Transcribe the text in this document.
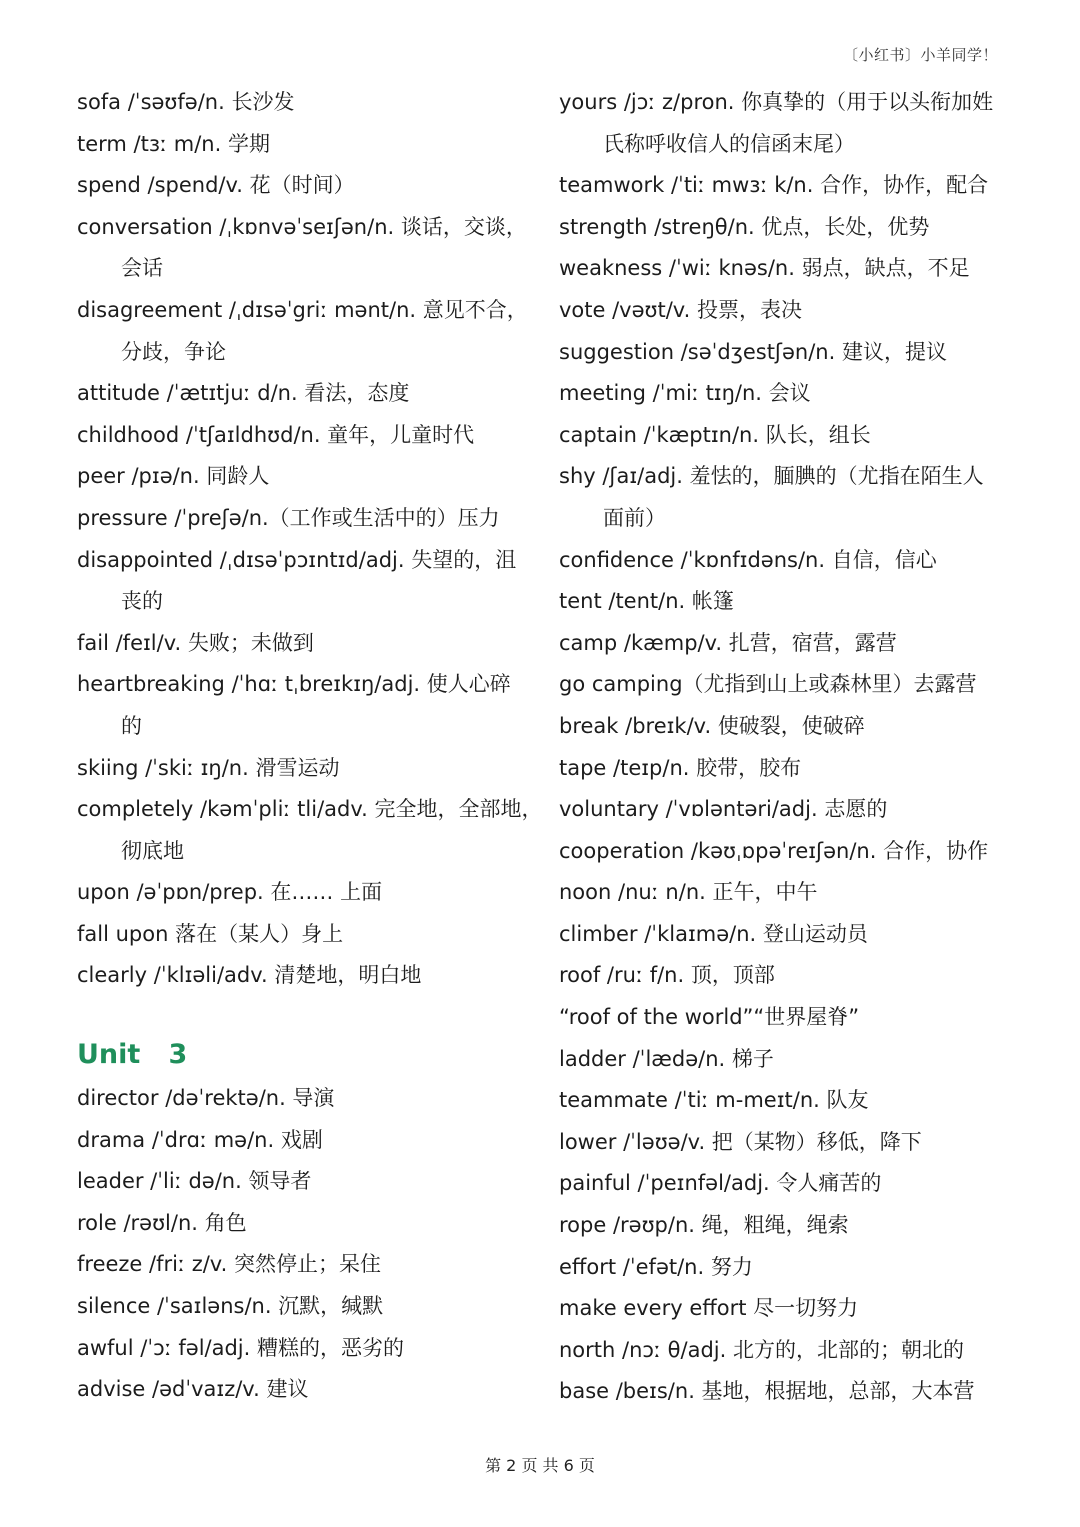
〔小红书〕小羊同学！
sofa /ˈsəʊfə/n. 长沙发
term /tɜː m/n. 学期
spend /spend/v. 花（时间）
conversation /ˌkɒnvəˈseɪʃən/n. 谈话，交谈，
会话
disagreement /ˌdɪsəˈgriː mənt/n. 意见不合，
分歧，争论
attitude /ˈætɪtjuː d/n. 看法，态度
childhood /ˈtʃaɪldhʊd/n. 童年，儿童时代
peer /pɪə/n. 同龄人
pressure /ˈpreʃə/n.（工作或生活中的）压力
disappointed /ˌdɪsəˈpɔɪntɪd/adj. 失望的，沮
丧的
fail /feɪl/v. 失败；未做到
heartbreaking /ˈhɑː tˌbreɪkɪŋ/adj. 使人心碎
的
skiing /ˈskiː ɪŋ/n. 滑雪运动
completely /kəmˈpliː tli/adv. 完全地，全部地，
彻底地
upon /əˈpɒn/prep. 在…… 上面
fall upon 落在（某人）身上
clearly /ˈklɪəli/adv. 清楚地，明白地
Unit   3
director /dəˈrektə/n. 导演
drama /ˈdrɑː mə/n. 戏剧
leader /ˈliː də/n. 领导者
role /rəʊl/n. 角色
freeze /friː z/v. 突然停止；呆住
silence /ˈsaɪləns/n. 沉默，缄默
awful /ˈɔː fəl/adj. 糟糕的，恶劣的
advise /ədˈvaɪz/v. 建议
yours /jɔː z/pron. 你真挚的（用于以头衔加姓
氏称呼收信人的信函末尾）
teamwork /ˈtiː mwɜː k/n. 合作，协作，配合
strength /streŋθ/n. 优点，长处，优势
weakness /ˈwiː knəs/n. 弱点，缺点，不足
vote /vəʊt/v. 投票，表决
suggestion /səˈdʒestʃən/n. 建议，提议
meeting /ˈmiː tɪŋ/n. 会议
captain /ˈkæptɪn/n. 队长，组长
shy /ʃaɪ/adj. 羞怯的，腼腆的（尤指在陌生人
面前）
confidence /ˈkɒnfɪdəns/n. 自信，信心
tent /tent/n. 帐篷
camp /kæmp/v. 扎营，宿营，露营
go camping（尤指到山上或森林里）去露营
break /breɪk/v. 使破裂，使破碎
tape /teɪp/n. 胶带，胶布
voluntary /ˈvɒləntəri/adj. 志愿的
cooperation /kəʊˌɒpəˈreɪʃən/n. 合作，协作
noon /nuː n/n. 正午，中午
climber /ˈklaɪmə/n. 登山运动员
roof /ruː f/n. 顶，顶部
“roof of the world”“世界屋脊”
ladder /ˈlædə/n. 梯子
teammate /ˈtiː m-meɪt/n. 队友
lower /ˈləʊə/v. 把（某物）移低，降下
painful /ˈpeɪnfəl/adj. 令人痛苦的
rope /rəʊp/n. 绳，粗绳，绳索
effort /ˈefət/n. 努力
make every effort 尽一切努力
north /nɔː θ/adj. 北方的，北部的；朝北的
base /beɪs/n. 基地，根据地，总部，大本营
第 2 页 共 6 页
